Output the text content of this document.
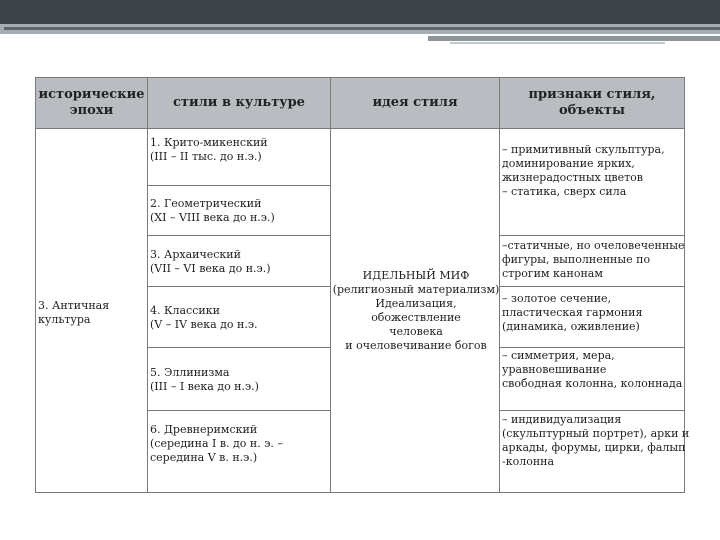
исторические
эпохи
стили в культуре	идея стиля
признаки стиля,
объекты
3. Античная
культура
1. Крито-микенский
(III – II тыс. до н.э.)
2. Геометрический
(XI – VIII века до н.э.)
3. Архаический
(VII – VI века до н.э.)
4. Классики
(V – IV века до н.э.
5. Эллинизма
(III – I века до н.э.)
6. Древнеримский
(середина I в. до н. э. –
середина V в. н.э.)
ИДЕЛЬНЫЙ МИФ
(религиозный материализм)
Идеализация, обожествление
человека
и очеловечивание богов
– примитивный скульптура,
доминирование ярких,
жизнерадостных цветов
– статика, сверх сила
–статичные, но очеловеченные
фигуры, выполненные по
строгим канонам
– золотое сечение,
пластическая гармония
(динамика, оживление)
– симметрия, мера,
уравновешивание
свободная колонна, колоннада
– индивидуализация
(скульптурный портрет), арки и
аркады, форумы, цирки, фалып
-колонна
